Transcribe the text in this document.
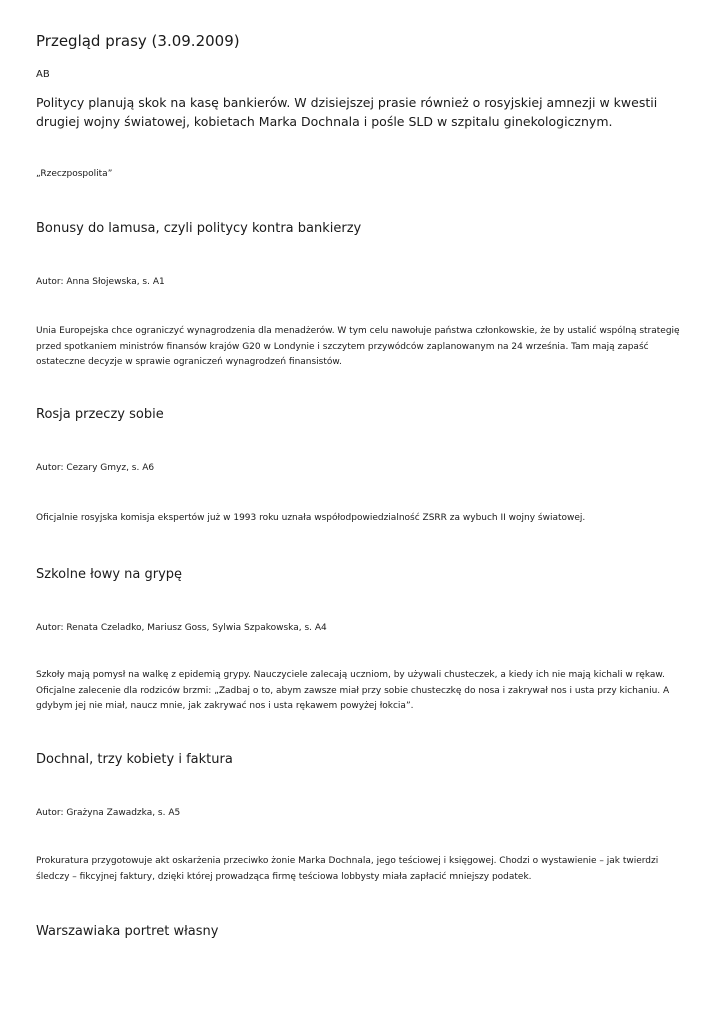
Przegląd prasy (3.09.2009)
AB

Politycy planują skok na kasę bankierów. W dzisiejszej prasie również o rosyjskiej amnezji w kwestii drugiej wojny światowej, kobietach Marka Dochnala i pośle SLD w szpitalu ginekologicznym.

„Rzeczpospolita”
Bonusy do lamusa, czyli politycy kontra bankierzy
Autor: Anna Słojewska, s. A1

Unia Europejska chce ograniczyć wynagrodzenia dla menadżerów. W tym celu nawołuje państwa członkowskie, że by ustalić wspólną strategię przed spotkaniem ministrów finansów krajów G20 w Londynie i szczytem przywódców zaplanowanym na 24 września. Tam mają zapaść ostateczne decyzje w sprawie ograniczeń wynagrodzeń finansistów.

Rosja przeczy sobie
Autor: Cezary Gmyz, s. A6

Oficjalnie rosyjska komisja ekspertów już w 1993 roku uznała współodpowiedzialność ZSRR za wybuch II wojny światowej.

Szkolne łowy na grypę
Autor: Renata Czeladko, Mariusz Goss, Sylwia Szpakowska, s. A4

Szkoły mają pomysł na walkę z epidemią grypy. Nauczyciele zalecają uczniom, by używali chusteczek, a kiedy ich nie mają kichali w rękaw. Oficjalne zalecenie dla rodziców brzmi: „Zadbaj o to, abym zawsze miał przy sobie chusteczkę do nosa i zakrywał nos i usta przy kichaniu. A gdybym jej nie miał, naucz mnie, jak zakrywać nos i usta rękawem powyżej łokcia”.

Dochnal, trzy kobiety i faktura
Autor: Grażyna Zawadzka, s. A5

Prokuratura przygotowuje akt oskarżenia przeciwko żonie Marka Dochnala, jego teściowej i księgowej. Chodzi o wystawienie – jak twierdzi śledczy – fikcyjnej faktury, dzięki której prowadząca firmę teściowa lobbysty miała zapłacić mniejszy podatek.

Warszawiaka portret własny
